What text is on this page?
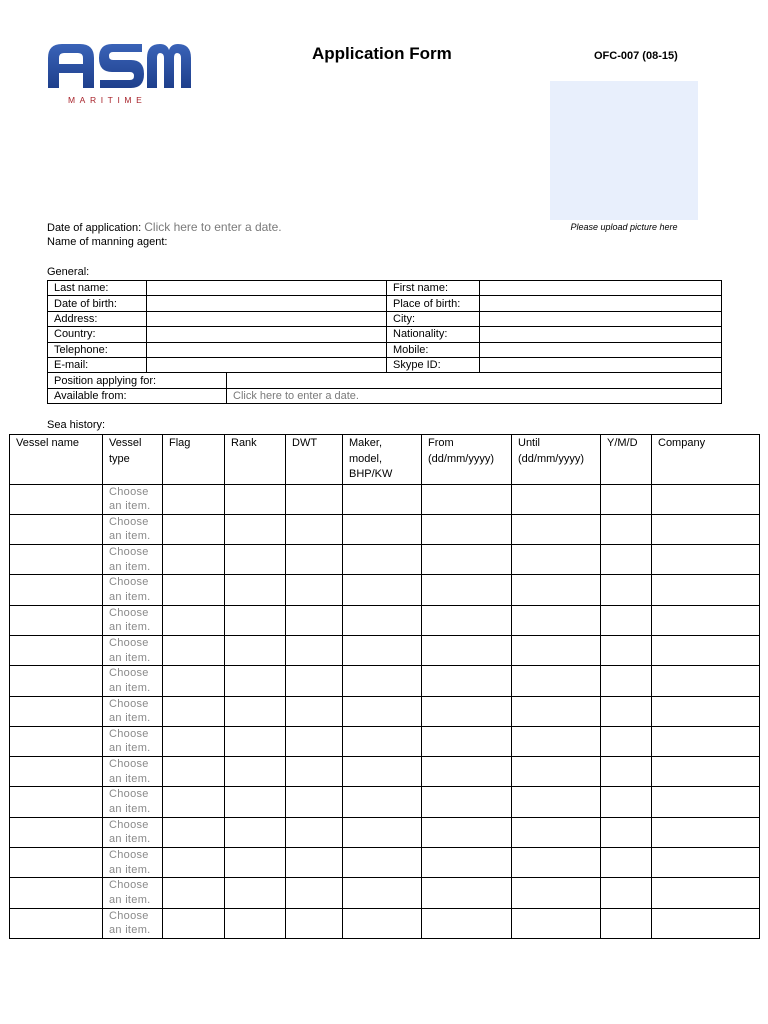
MARITIME
Application Form	OFC-007 (08-15)
Please upload picture here
Date of application: Click here to enter a date.
Name of manning agent:
General:
Last name:			First name:	
Date of birth:			Place of birth:	
Address:			City:	
Country:			Nationality:	
Telephone:			Mobile:	
E-mail:			Skype ID:	
Position applying for:				
Available from:		Click here to enter a date.		
Sea history:
Vessel name	Vessel type	Flag	Rank	DWT	Maker, model, BHP/KW	From (dd/mm/yyyy)	Until (dd/mm/yyyy)	Y/M/D	Company
	Choose an item.								
	Choose an item.								
	Choose an item.								
	Choose an item.								
	Choose an item.								
	Choose an item.								
	Choose an item.								
	Choose an item.								
	Choose an item.								
	Choose an item.								
	Choose an item.								
	Choose an item.								
	Choose an item.								
	Choose an item.								
	Choose an item.								
